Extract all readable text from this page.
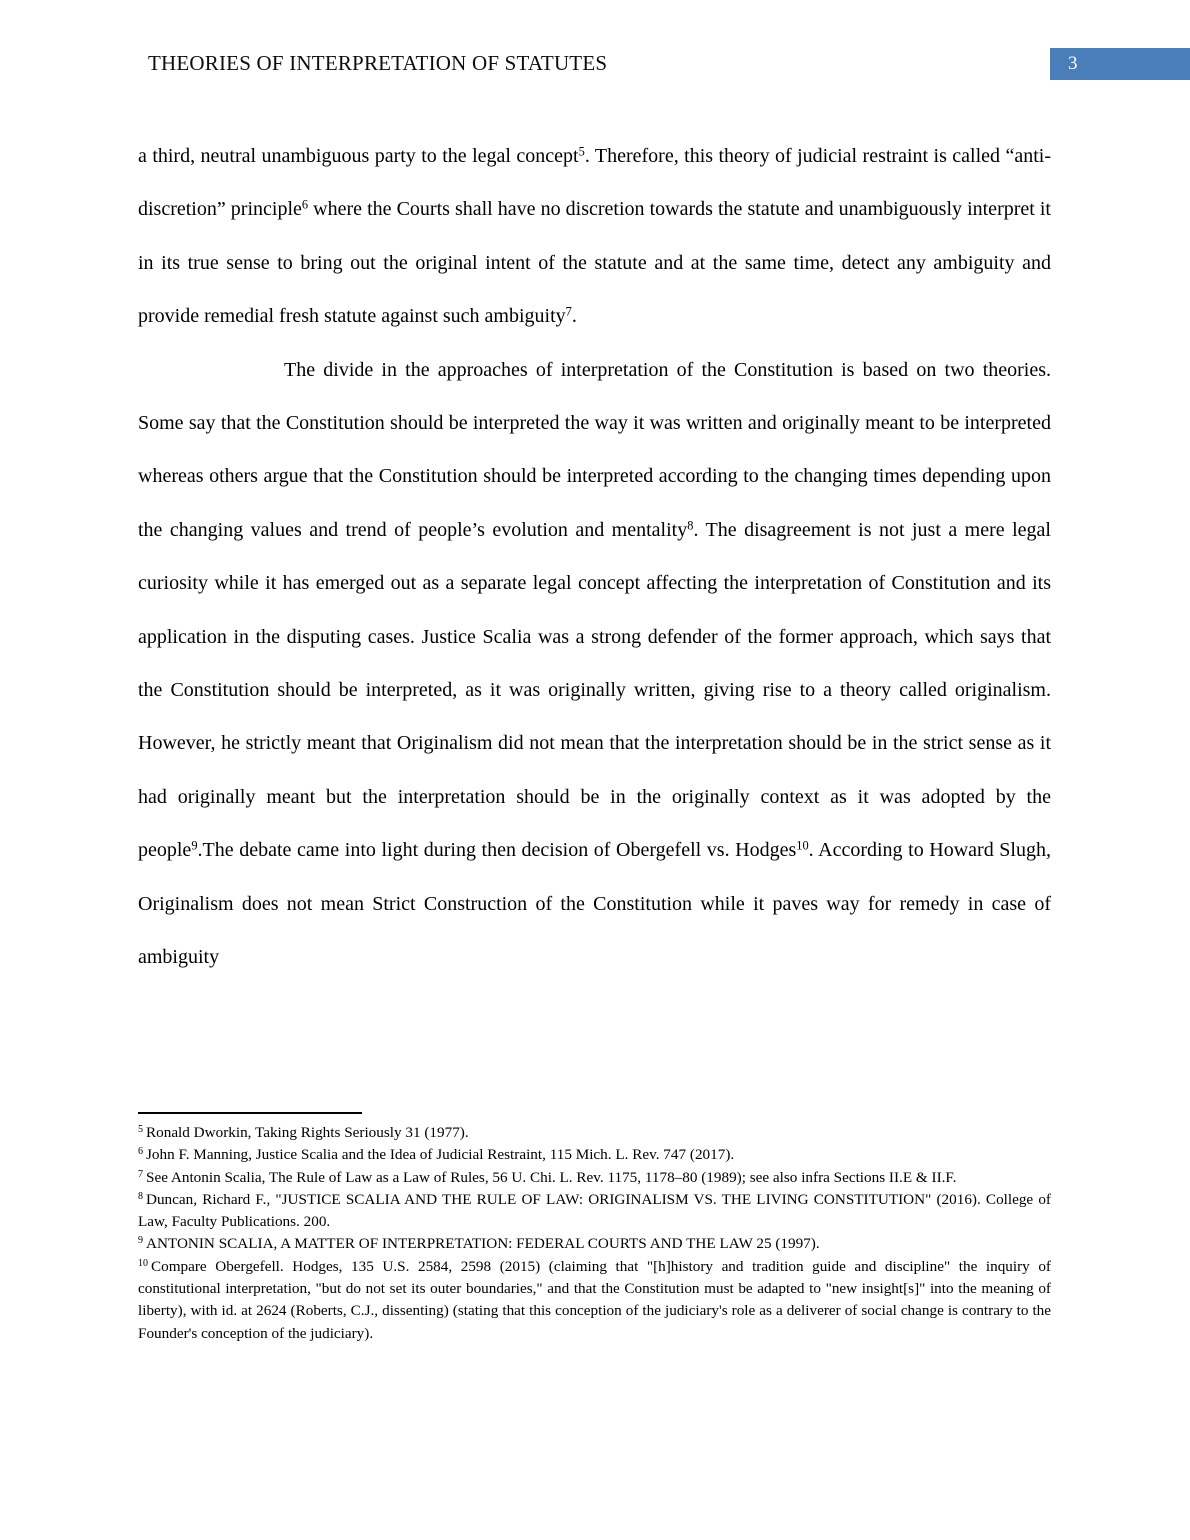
THEORIES OF INTERPRETATION OF STATUTES	3

a third, neutral unambiguous party to the legal concept$^5$. Therefore, this theory of judicial restraint is called “anti-discretion” principle$^6$ where the Courts shall have no discretion towards the statute and unambiguously interpret it in its true sense to bring out the original intent of the statute and at the same time, detect any ambiguity and provide remedial fresh statute against such ambiguity$^7$.

The divide in the approaches of interpretation of the Constitution is based on two theories. Some say that the Constitution should be interpreted the way it was written and originally meant to be interpreted whereas others argue that the Constitution should be interpreted according to the changing times depending upon the changing values and trend of people’s evolution and mentality$^8$. The disagreement is not just a mere legal curiosity while it has emerged out as a separate legal concept affecting the interpretation of Constitution and its application in the disputing cases. Justice Scalia was a strong defender of the former approach, which says that the Constitution should be interpreted, as it was originally written, giving rise to a theory called originalism. However, he strictly meant that Originalism did not mean that the interpretation should be in the strict sense as it had originally meant but the interpretation should be in the originally context as it was adopted by the people$^9$.The debate came into light during then decision of Obergefell vs. Hodges$^{10}$. According to Howard Slugh, Originalism does not mean Strict Construction of the Constitution while it paves way for remedy in case of ambiguity

$^5$ Ronald Dworkin, Taking Rights Seriously 31 (1977).

$^6$ John F. Manning, Justice Scalia and the Idea of Judicial Restraint, 115 Mich. L. Rev. 747 (2017).

$^7$ See Antonin Scalia, The Rule of Law as a Law of Rules, 56 U. Chi. L. Rev. 1175, 1178–80 (1989); see also infra Sections II.E & II.F.

$^8$ Duncan, Richard F., "JUSTICE SCALIA AND THE RULE OF LAW: ORIGINALISM VS. THE LIVING CONSTITUTION" (2016). College of Law, Faculty Publications. 200.

$^9$ ANTONIN SCALIA, A MATTER OF INTERPRETATION: FEDERAL COURTS AND THE LAW 25 (1997).

$^{10}$ Compare Obergefell. Hodges, 135 U.S. 2584, 2598 (2015) (claiming that "[h]history and tradition guide and discipline" the inquiry of constitutional interpretation, "but do not set its outer boundaries," and that the Constitution must be adapted to "new insight[s]" into the meaning of liberty), with id. at 2624 (Roberts, C.J., dissenting) (stating that this conception of the judiciary's role as a deliverer of social change is contrary to the Founder's conception of the judiciary).
